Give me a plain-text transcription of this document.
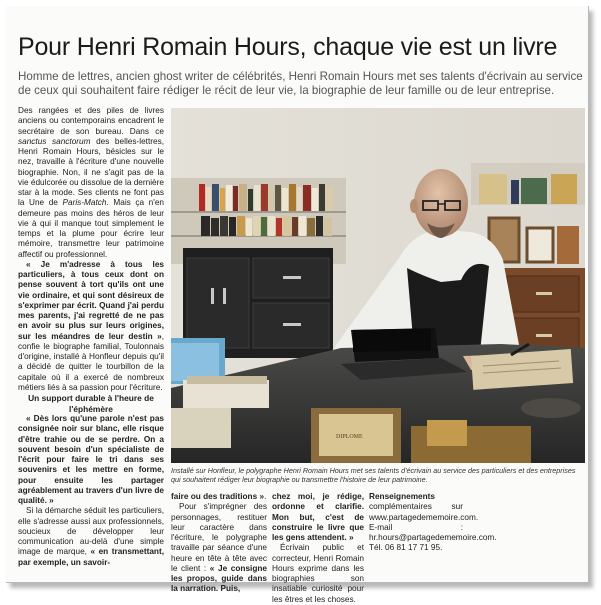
Pour Henri Romain Hours, chaque vie est un livre

Homme de lettres, ancien ghost writer de célébrités, Henri Romain Hours met ses talents d'écrivain au service de ceux qui souhaitent faire rédiger le récit de leur vie, la biographie de leur famille ou de leur entreprise.

Des rangées et des piles de livres anciens ou contemporains encadrent le secrétaire de son bureau. Dans ce sanctus sanctorum des belles-lettres, Henri Romain Hours, bésicles sur le nez, travaille à l'écriture d'une nouvelle biographie. Non, il ne s'agit pas de la vie édulcorée ou dissolue de la dernière star à la mode. Ses clients ne font pas la Une de Paris-Match. Mais ça n'en demeure pas moins des héros de leur vie à qui il manque tout simplement le temps et la plume pour écrire leur mémoire, transmettre leur patrimoine affectif ou professionnel.

« Je m'adresse à tous les particuliers, à tous ceux dont on pense souvent à tort qu'ils ont une vie ordinaire, et qui sont désireux de s'exprimer par écrit. Quand j'ai perdu mes parents, j'ai regretté de ne pas en avoir su plus sur leurs origines, sur les méandres de leur destin », confie le biographe familial, Toulonnais d'origine, installé à Honfleur depuis qu'il a décidé de quitter le tourbillon de la capitale où il a exercé de nombreux métiers liés à sa passion pour l'écriture.

Un support durable à l'heure de l'éphémère

« Dès lors qu'une parole n'est pas consignée noir sur blanc, elle risque d'être trahie ou de se perdre. On a souvent besoin d'un spécialiste de l'écrit pour faire le tri dans ses souvenirs et les mettre en forme, pour ensuite les partager agréablement au travers d'un livre de qualité. »

Si la démarche séduit les particuliers, elle s'adresse aussi aux professionnels, soucieux de développer leur communication au-delà d'une simple image de marque, « en transmettant, par exemple, un savoir-

DIPLOME
Installé sur Honfleur, le polygraphe Henri Romain Hours met ses talents d'écrivain au service des particuliers et des entreprises qui souhaitent rédiger leur biographie ou transmettre l'histoire de leur patrimoine.

faire ou des traditions ».

Pour s'imprégner des personnages, restituer leur caractère dans l'écriture, le polygraphe travaille par séance d'une heure en tête à tête avec le client : « Je consigne les propos, guide dans la narration. Puis,

chez moi, je rédige, ordonne et clarifie. Mon but, c'est de construire le livre que les gens attendent. »

Écrivain public et correcteur, Henri Romain Hours exprime dans les biographies son insatiable curiosité pour les êtres et les choses.

Renseignements complémentaires sur www.partagedememoire.com. E-mail : hr.hours@partagedememoire.com. Tél. 06 81 17 71 95.
